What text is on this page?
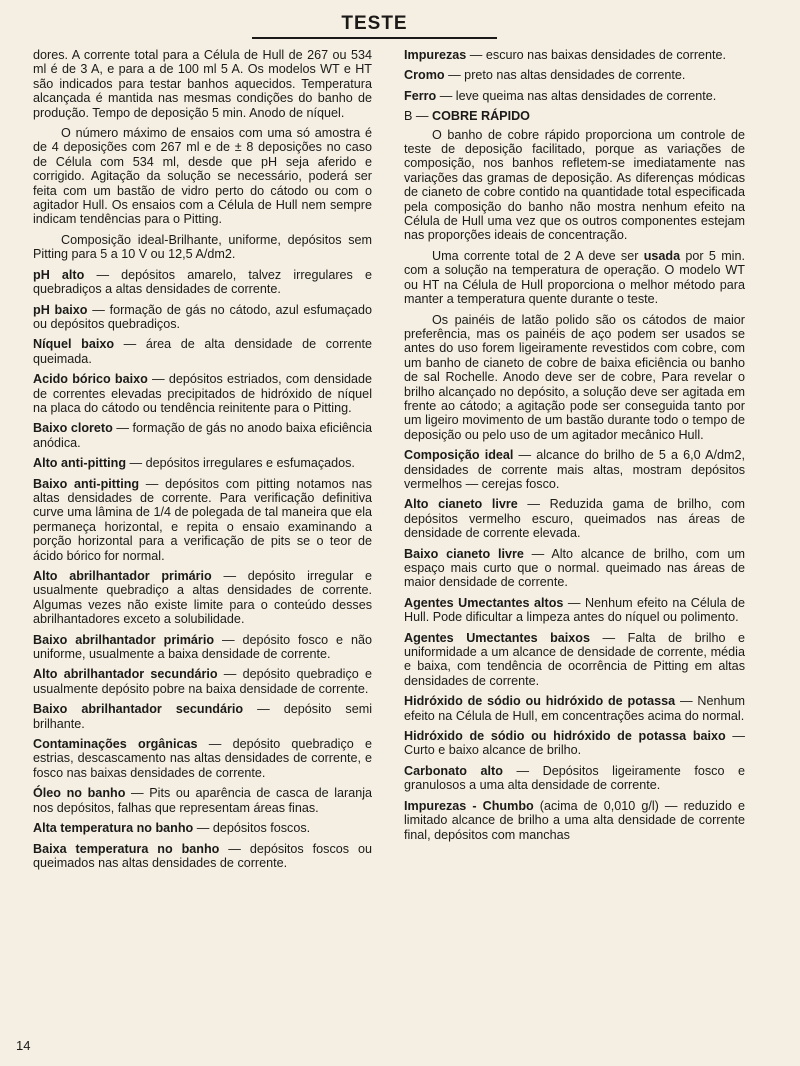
TESTE

dores. A corrente total para a Célula de Hull de 267 ou 534 ml é de 3 A, e para a de 100 ml 5 A. Os modelos WT e HT são indicados para testar banhos aquecidos. Temperatura alcançada é mantida nas mesmas condições do banho de produção. Tempo de deposição 5 min. Anodo de níquel.

O número máximo de ensaios com uma só amostra é de 4 deposições com 267 ml e de ± 8 deposições no caso de Célula com 534 ml, desde que pH seja aferido e corrigido. Agitação da solução se necessário, poderá ser feita com um bastão de vidro perto do cátodo ou com o agitador Hull. Os ensaios com a Célula de Hull nem sempre indicam tendências para o Pitting.

Composição ideal-Brilhante, uniforme, depósitos sem Pitting para 5 a 10 V ou 12,5 A/dm2.

pH alto — depósitos amarelo, talvez irregulares e quebradiços a altas densidades de corrente.

pH baixo — formação de gás no cátodo, azul esfumaçado ou depósitos quebradiços.

Níquel baixo — área de alta densidade de corrente queimada.

Acido bórico baixo — depósitos estriados, com densidade de correntes elevadas precipitados de hidróxido de níquel na placa do cátodo ou tendência reinitente para o Pitting.

Baixo cloreto — formação de gás no anodo baixa eficiência anódica.

Alto anti-pitting — depósitos irregulares e esfumaçados.

Baixo anti-pitting — depósitos com pitting notamos nas altas densidades de corrente. Para verificação definitiva curve uma lâmina de 1/4 de polegada de tal maneira que ela permaneça horizontal, e repita o ensaio examinando a porção horizontal para a verificação de pits se o teor de ácido bórico for normal.

Alto abrilhantador primário — depósito irregular e usualmente quebradiço a altas densidades de corrente. Algumas vezes não existe limite para o conteúdo desses abrilhantadores exceto a solubilidade.

Baixo abrilhantador primário — depósito fosco e não uniforme, usualmente a baixa densidade de corrente.

Alto abrilhantador secundário — depósito quebradiço e usualmente depósito pobre na baixa densidade de corrente.

Baixo abrilhantador secundário — depósito semi brilhante.

Contaminações orgânicas — depósito quebradiço e estrias, descascamento nas altas densidades de corrente, e fosco nas baixas densidades de corrente.

Óleo no banho — Pits ou aparência de casca de laranja nos depósitos, falhas que representam áreas finas.

Alta temperatura no banho — depósitos foscos.

Baixa temperatura no banho — depósitos foscos ou queimados nas altas densidades de corrente.

Impurezas — escuro nas baixas densidades de corrente.

Cromo — preto nas altas densidades de corrente.

Ferro — leve queima nas altas densidades de corrente.

B — COBRE RÁPIDO

O banho de cobre rápido proporciona um controle de teste de deposição facilitado, porque as variações de composição, nos banhos refletem-se imediatamente nas variações das gramas de deposição. As diferenças módicas de cianeto de cobre contido na quantidade total especificada pela composição do banho não mostra nenhum efeito na Célula de Hull uma vez que os outros componentes estejam nas proporções ideais de concentração.

Uma corrente total de 2 A deve ser usada por 5 min. com a solução na temperatura de operação. O modelo WT ou HT na Célula de Hull proporciona o melhor método para manter a temperatura quente durante o teste.

Os painéis de latão polido são os cátodos de maior preferência, mas os painéis de aço podem ser usados se antes do uso forem ligeiramente revestidos com cobre, com um banho de cianeto de cobre de baixa eficiência ou banho de sal Rochelle. Anodo deve ser de cobre, Para revelar o brilho alcançado no depósito, a solução deve ser agitada em frente ao cátodo; a agitação pode ser conseguida tanto por um ligeiro movimento de um bastão durante todo o tempo de deposição ou pelo uso de um agitador mecânico Hull.

Composição ideal — alcance do brilho de 5 a 6,0 A/dm2, densidades de corrente mais altas, mostram depósitos vermelhos — cerejas fosco.

Alto cianeto livre — Reduzida gama de brilho, com depósitos vermelho escuro, queimados nas áreas de densidade de corrente elevada.

Baixo cianeto livre — Alto alcance de brilho, com um espaço mais curto que o normal. queimado nas áreas de maior densidade de corrente.

Agentes Umectantes altos — Nenhum efeito na Célula de Hull. Pode dificultar a limpeza antes do níquel ou polimento.

Agentes Umectantes baixos — Falta de brilho e uniformidade a um alcance de densidade de corrente, média e baixa, com tendência de ocorrência de Pitting em altas densidades de corrente.

Hidróxido de sódio ou hidróxido de potassa — Nenhum efeito na Célula de Hull, em concentrações acima do normal.

Hidróxido de sódio ou hidróxido de potassa baixo — Curto e baixo alcance de brilho.

Carbonato alto — Depósitos ligeiramente fosco e granulosos a uma alta densidade de corrente.

Impurezas - Chumbo (acima de 0,010 g/l) — reduzido e limitado alcance de brilho a uma alta densidade de corrente final, depósitos com manchas

14
